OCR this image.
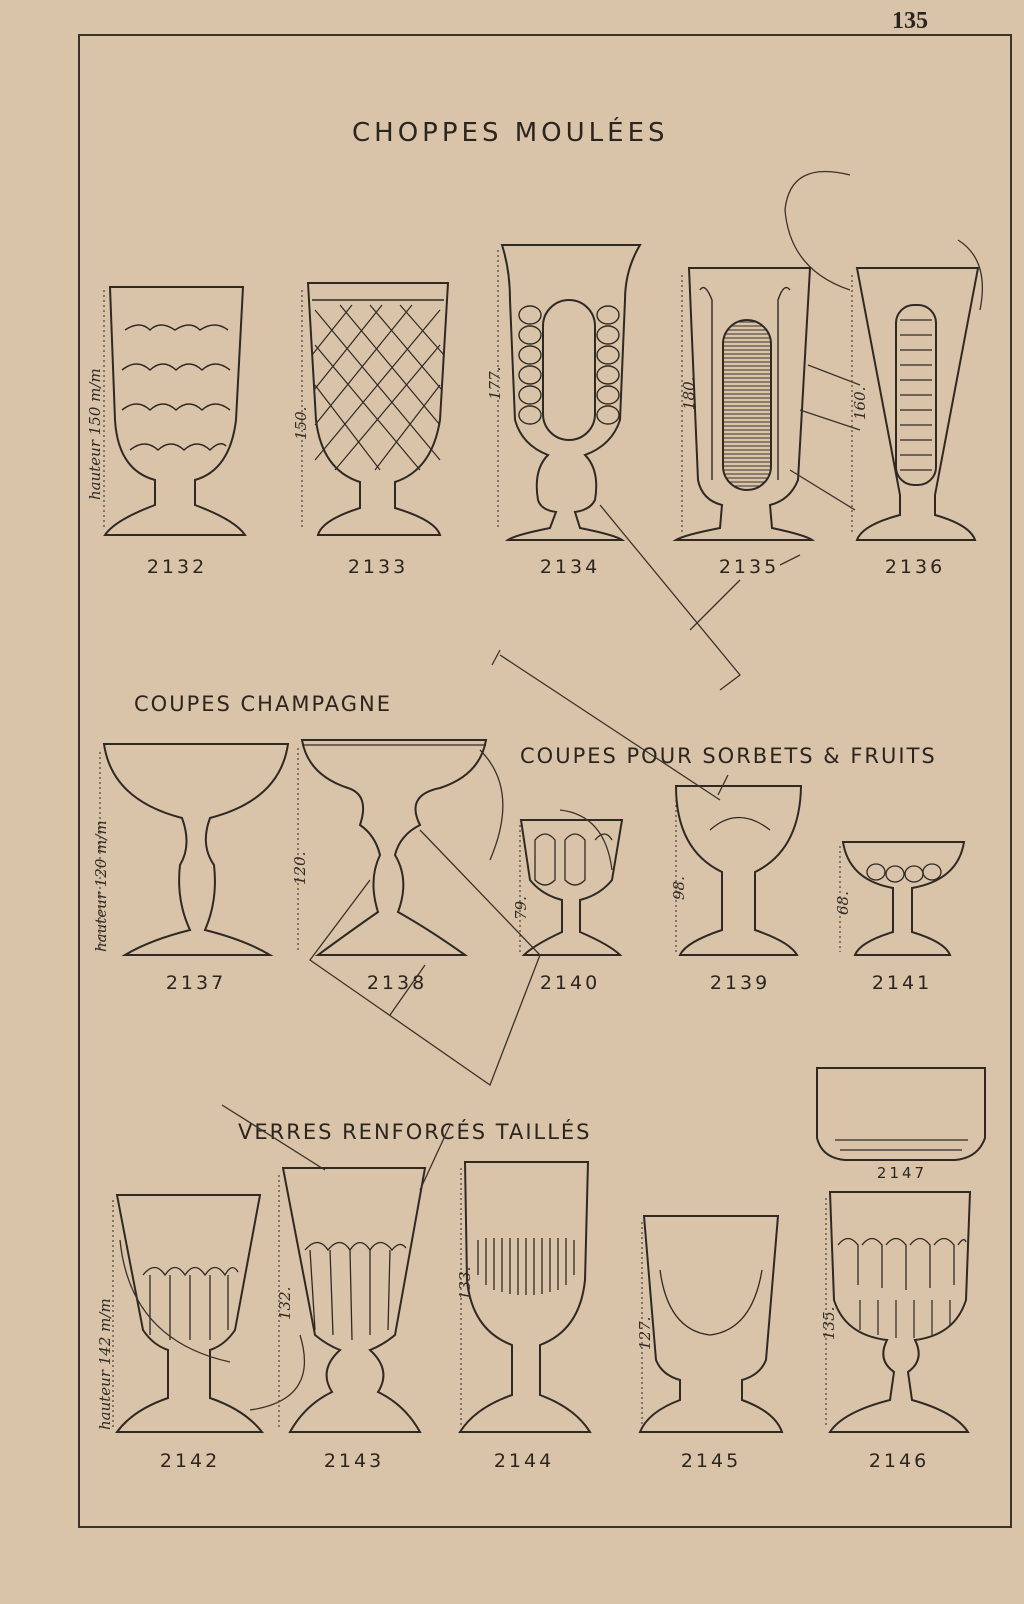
135
CHOPPES MOULÉES
COUPES CHAMPAGNE
COUPES POUR SORBETS & FRUITS
VERRES RENFORCÉS TAILLÉS
hauteur 150 m/m	150.
177.	180.	160.
hauteur 120 m/m	120.
79.
98.
68.
hauteur 142 m/m	132.
133.
127.	135.
2132	2133	2134	2135	2136
2137	2138	2140	2139	2141
2147
2142	2143	2144	2145	2146
